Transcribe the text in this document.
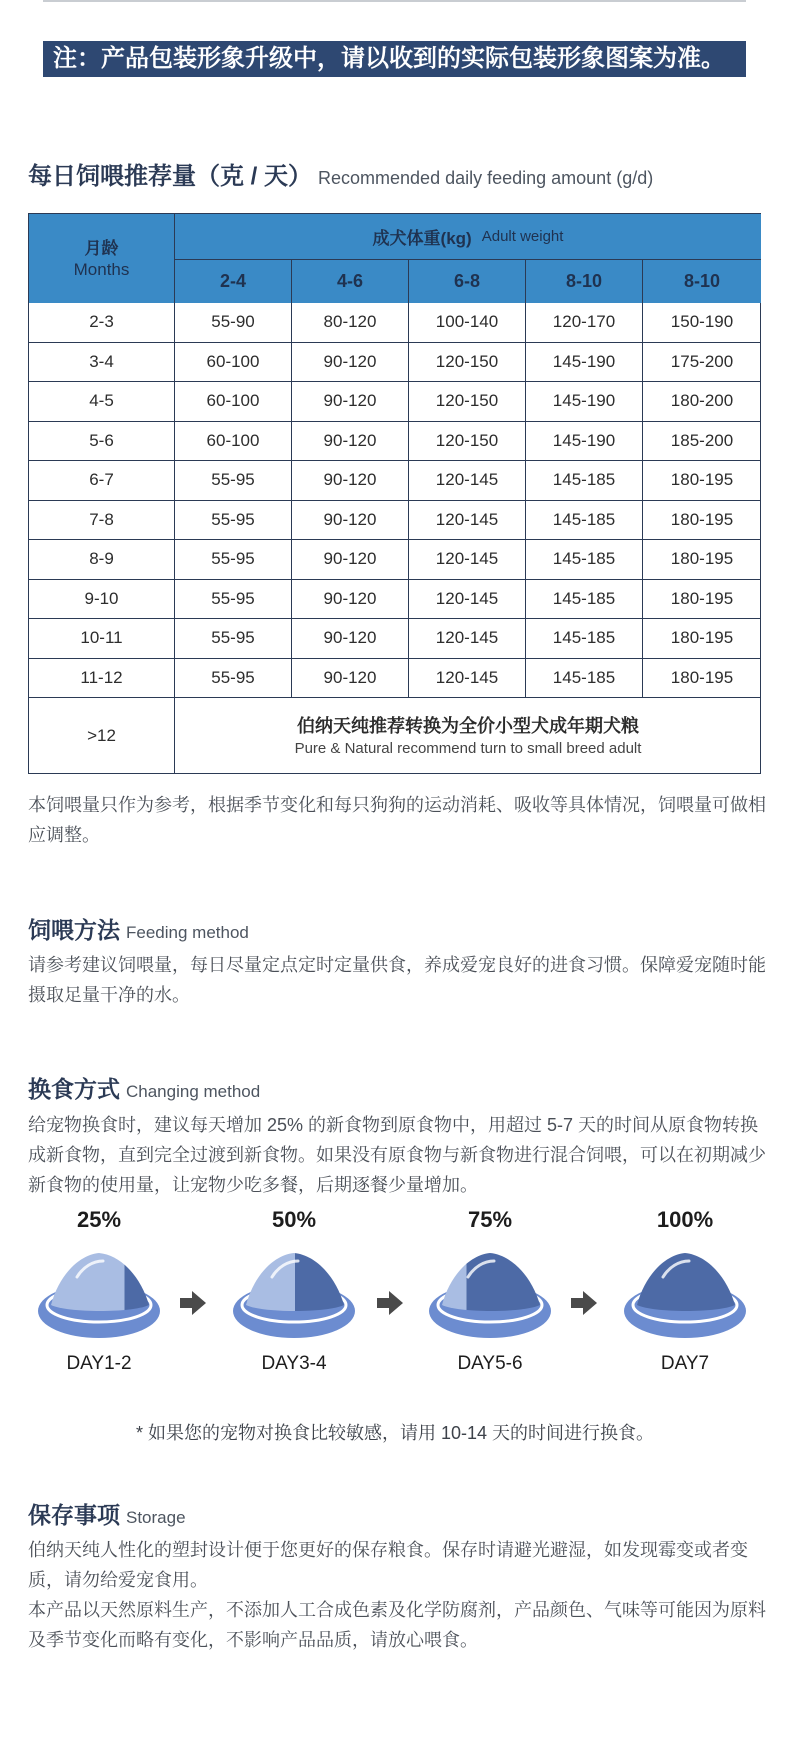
注：产品包装形象升级中，请以收到的实际包装形象图案为准。
每日饲喂推荐量（克 / 天） Recommended daily feeding amount (g/d)
月龄
Months
成犬体重(kg) Adult weight
2-4	4-6	6-8	8-10	8-10
2-3	55-90	80-120	100-140	120-170	150-190
3-4	60-100	90-120	120-150	145-190	175-200
4-5	60-100	90-120	120-150	145-190	180-200
5-6	60-100	90-120	120-150	145-190	185-200
6-7	55-95	90-120	120-145	145-185	180-195
7-8	55-95	90-120	120-145	145-185	180-195
8-9	55-95	90-120	120-145	145-185	180-195
9-10	55-95	90-120	120-145	145-185	180-195
10-11	55-95	90-120	120-145	145-185	180-195
11-12	55-95	90-120	120-145	145-185	180-195
>12	伯纳天纯推荐转换为全价小型犬成年期犬粮
Pure & Natural recommend turn to small breed adult
本饲喂量只作为参考，根据季节变化和每只狗狗的运动消耗、吸收等具体情况，饲喂量可做相应调整。
饲喂方法 Feeding method
请参考建议饲喂量，每日尽量定点定时定量供食，养成爱宠良好的进食习惯。保障爱宠随时能摄取足量干净的水。
换食方式 Changing method
给宠物换食时，建议每天增加 25% 的新食物到原食物中，用超过 5-7 天的时间从原食物转换成新食物，直到完全过渡到新食物。如果没有原食物与新食物进行混合饲喂，可以在初期减少新食物的使用量，让宠物少吃多餐，后期逐餐少量增加。
25%
DAY1-2
50%
DAY3-4
75%
DAY5-6
100%
DAY7
* 如果您的宠物对换食比较敏感，请用 10-14 天的时间进行换食。
保存事项 Storage
伯纳天纯人性化的塑封设计便于您更好的保存粮食。保存时请避光避湿，如发现霉变或者变质，请勿给爱宠食用。
本产品以天然原料生产，不添加人工合成色素及化学防腐剂，产品颜色、气味等可能因为原料及季节变化而略有变化，不影响产品品质，请放心喂食。
